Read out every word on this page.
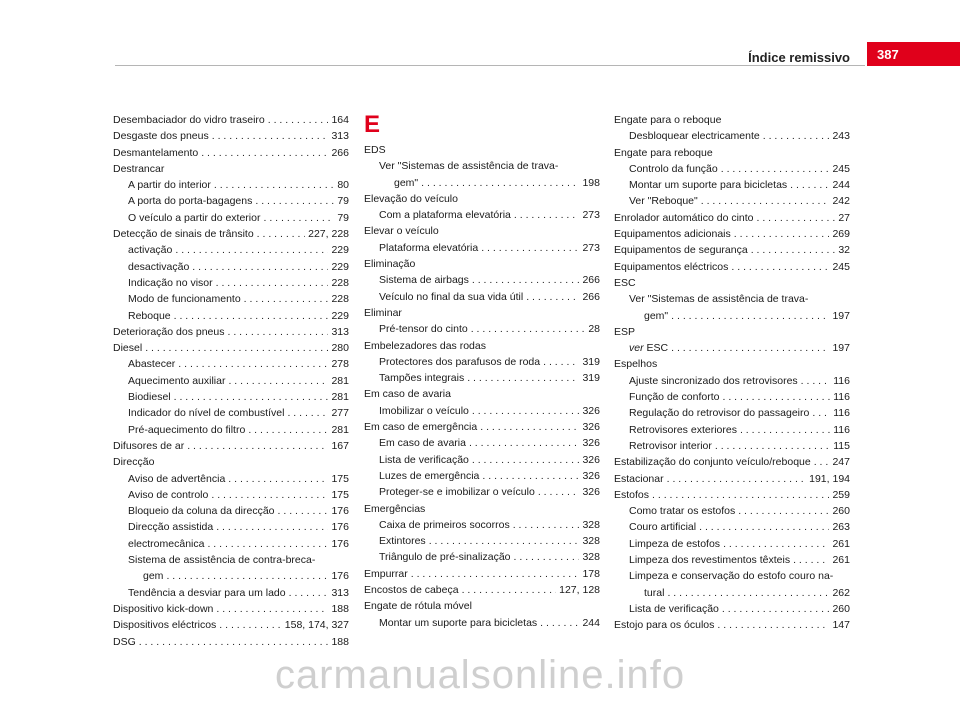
Índice remissivo 387
Desembaciador do vidro traseiro . . .	164
Desgaste dos pneus . . .	313
Desmantelamento . . .	266
Destrancar
A partir do interior . . .	80
A porta do porta-bagagens . . .	79
O veículo a partir do exterior . . .	79
Detecção de sinais de trânsito . . .	227, 228
activação . . .	229
desactivação . . .	229
Indicação no visor . . .	228
Modo de funcionamento . . .	228
Reboque . . .	229
Deterioração dos pneus . . .	313
Diesel . . .	280
Abastecer . . .	278
Aquecimento auxiliar . . .	281
Biodiesel . . .	281
Indicador do nível de combustível . . .	277
Pré-aquecimento do filtro . . .	281
Difusores de ar . . .	167
Direcção
Aviso de advertência . . .	175
Aviso de controlo . . .	175
Bloqueio da coluna da direcção . . .	176
Direcção assistida . . .	176
electromecânica . . .	176
Sistema de assistência de contra-breca-
gem . . .	176
Tendência a desviar para um lado . . .	313
Dispositivo kick-down . . .	188
Dispositivos eléctricos . . .	158, 174, 327
DSG . . .	188
E
EDS
Ver "Sistemas de assistência de trava-
gem" . . .	198
Elevação do veículo
Com a plataforma elevatória . . .	273
Elevar o veículo
Plataforma elevatória . . .	273
Eliminação
Sistema de airbags . . .	266
Veículo no final da sua vida útil . . .	266
Eliminar
Pré-tensor do cinto . . .	28
Embelezadores das rodas
Protectores dos parafusos de roda . . .	319
Tampões integrais . . .	319
Em caso de avaria
Imobilizar o veículo . . .	326
Em caso de emergência . . .	326
Em caso de avaria . . .	326
Lista de verificação . . .	326
Luzes de emergência . . .	326
Proteger-se e imobilizar o veículo . . .	326
Emergências
Caixa de primeiros socorros . . .	328
Extintores . . .	328
Triângulo de pré-sinalização . . .	328
Empurrar . . .	178
Encostos de cabeça . . .	127, 128
Engate de rótula móvel
Montar um suporte para bicicletas . . .	244
Engate para o reboque
Desbloquear electricamente . . .	243
Engate para reboque
Controlo da função . . .	245
Montar um suporte para bicicletas . . .	244
Ver "Reboque" . . .	242
Enrolador automático do cinto . . .	27
Equipamentos adicionais . . .	269
Equipamentos de segurança . . .	32
Equipamentos eléctricos . . .	245
ESC
Ver "Sistemas de assistência de trava-
gem" . . .	197
ESP
ver ESC . . .	197
Espelhos
Ajuste sincronizado dos retrovisores . . .	116
Função de conforto . . .	116
Regulação do retrovisor do passageiro . . . 116
Retrovisores exteriores . . .	116
Retrovisor interior . . .	115
Estabilização do conjunto veículo/reboque . . . 247
Estacionar . . .	191, 194
Estofos . . .	259
Como tratar os estofos . . .	260
Couro artificial . . .	263
Limpeza de estofos . . .	261
Limpeza dos revestimentos têxteis . . .	261
Limpeza e conservação do estofo couro na-
tural . . .	262
Lista de verificação . . .	260
Estojo para os óculos . . .	147
carmanualsonline.info
